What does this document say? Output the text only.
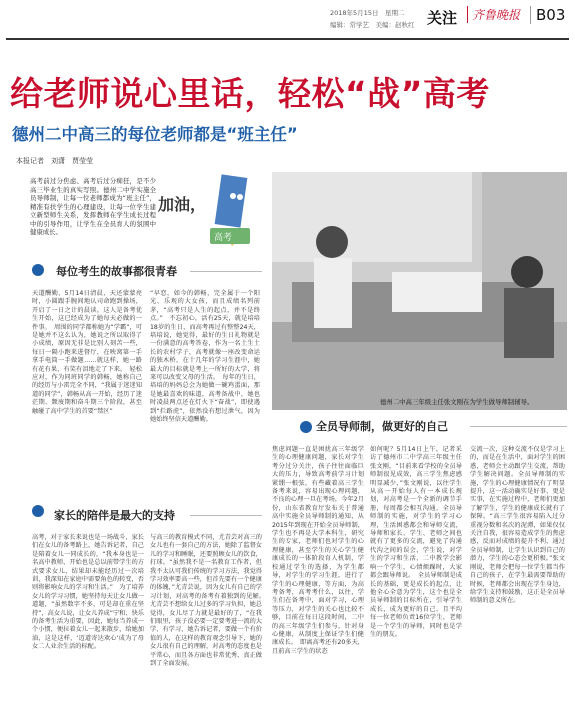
2018年5月15日　星期二
编辑：常学艺　美编：赵秋红 关注	齐鲁晚报	B03
给老师说心里话，轻松“战”高考
德州二中高三的每位老师都是“班主任”
本报记者　刘潇　贾莹莹
高考前过分焦虑、高考后过分痴狂，是不少高三毕业生的真实写照。德州二中学实施全员导师制，让每一位老师都成为“班主任”，精准有扶学生的心理建设，让每一位学生建立新型师生关系，发挥教师在学生成长过程中的引导作用，让学生在全员育人的氛围中健康成长。
高考
加油，
每位考生的故事都很青春
天道酬勤，5月14日清晨，天还蒙蒙亮时，小圆跟手腕间地认司命跑到操场，开启了一日之计的晨读，这人是备考优生开始，这已经成为了她每天必做的一件事。　周围的同学都称她为“学霸”，可是她并不这么认为，她说之所以取得了小成绩，原因无非是比别人刻苦一些，每日一隔小跑来进督厅，在映窝第一手拿手电筒一手做题……就这样，她一路有花有果，有笑有泪地走了下来。　轻松应对，作为同班同学的韩畅，她称自己的经历与小雷完全不同，“我属于迷迷知道的同学”，韩畅从高一开始，经历了迷茫期、颓废期和奋斗期三个阶段，甚至触碰了高中学生的首要“禁区”
“早恋，如今的韩畅，完全属于一个阳光、乐观的大女孩，而且成绩名列前茅，“高考只是人生的起点，并不是终点。”　不忘初心，活有25天，就是培培18岁的生日，而高考再过有整整24天，培培说，她觉得，最好的生日礼物就是一份满意的高考答卷，作为一名土生土长的农村学子，高考就像一座改变命运的独木桥，在十几年的学习生涯中，她最大的目标就是考上一所好的大学，将来可以改变父母的生活。　每年的生日，培培的妈妈总会为她做一碗鸡蛋面，那是她最喜欢的味道，高考备战中，她也时凌晨两点还在灯火下“奋战”，即使遇到“拦路虎”，依然没有想过泄气，因为她始终坚信天道酬勤。
家长的陪伴是最大的支持
高考，对于家长来说也是一场战斗，家长们在女儿的备考路上，她告诉记者，自己是陪着女儿一同成长的，“我本身也是一名高中教师，开始也是总以前带学生的方式要求女儿，结果却未能经历过一次培训，我深知在家庭中需要角色的转变，否则将影响女儿的学习和生活。”　为了培养女儿的学习习惯，她坚持每天让女儿做一道题，“虽然数字不多，可是却在重在坚持”，高女儿说，让女儿养成“宁和、快乐的备考生活为重要，因此，她每当养成一个小惯，便拉着女儿一起来散步，给她加油，这是这样，‘迈道寄达欢心’成为了母女二人业余生活的标配。
与高三的教育模式不同，尤青芸对高三的女儿也有一套自己的方法，她除了监督女儿的学习和睡眠，还要照顾女儿的饮食，打球。“虽然我不是一名教育工作者，但我不太认可我们传统的学习方法，我觉得学习效率要高一些，但首先要有一个健康的体魄，”尤青芸说，因为女儿有自己的学习计划，对高考的备考有着独到的见解。　尤青芸不想给女儿过多的学习负担，她总觉得，女儿尽了力就是最好的了，“在我们眼里，孩子没必要一定要考进一流的大学，有学习，她告诉记者，要做一个有价值的人，在这样的教育观念引导下，她的女儿很有自己的理解，对高考的态度也是平常心，而且各方面也非常优秀，真正做到了全面发展。
德州二中高三年级主任张文刚在为学生做导师制辅导。
全员导师制，做更好的自己
焦虑问题一直是困扰高三年级学生的心理健康问题，家长对学生考分过分关注，孩子往往面临巨大的压力，导致高考前学习计划紧绷一根弦，有些藏着高三学生备考来说，容易出现心理问题，不良的心理一旦在考场，今年2月份，山东省教育厅发布关于普通高中实施全员导师制的通知，从2015年到现在开始全员导师制，学生也不再是大学本科生，研究生的专家，老师们也对学生的心理健康，甚至学生的关心学生健康成长的一体阶段育人机制，学校通过学生的选择，为学生都导，对学生的学习生涯，进行了学生的心理健康，等方面，为高考备考，高考考什么，以往，学生们在备考中，面对学习，心理等压力，对学生的关心也比较不够，目前在每日这段时间，二中的高三年级学生们参与，针对身心健康，从制度上保证学生们健康成长。　即离高考还有20多天，且前高三学生的状态
如何呢？5月14日上午，记者采访了德州市二中学高三年级主任张文刚，“目前来看学校的全员导师制很见成效，高三学生焦虑感明显减少，”张文刚说，以往学生从高一开始每人有一本成长规划，对高考是一个全新的调节手册，每周都会相互沟通，全员导师制的实施，对学生的学习心理，生活困惑都会和导师交流，导师和家长、学生、老师之间也就有了更多的交流，避免了沟通代沟之间的误会，学生说，对学生的学习和生活，二中教学会影响一个学生，心情烦躁时，大家都会跟导师说。　全员导师制是成长的基础，更是成长的起点，让他全心全意为学生，这个也是全员导师制的目标所在，引导学生成长，成为更好的自己，且平均每一位老师负责16位学生，老师是一个学生的导师，同时也是学生的朋友。
交流一次，这种交流不仅是学习上的，而是在生活中，面对学生的困惑，老师会主动跟学生交流，帮助学生解决问题。全员导师制的实施，学生的心理健康情况有了明显提升，这一活动确实是好事，更是实事，在实施过程中，老师们更加了解学生，学生的健康成长就有了保障。“高三学生很容易陷入过分重视分数和名次的泥潭，如果仅仅关注自我，很容易造成学生的焦虑感，反而对成绩的提升不利，通过全员导师制，让学生认识到自己的潜力，学生的心态会更积极。”张文刚说，老师会把每一位学生都当作自己的孩子，在学生最需要帮助的时候，老师都会出现在学生身边，给学生支持和鼓励，这正是全员导师制的意义所在。
